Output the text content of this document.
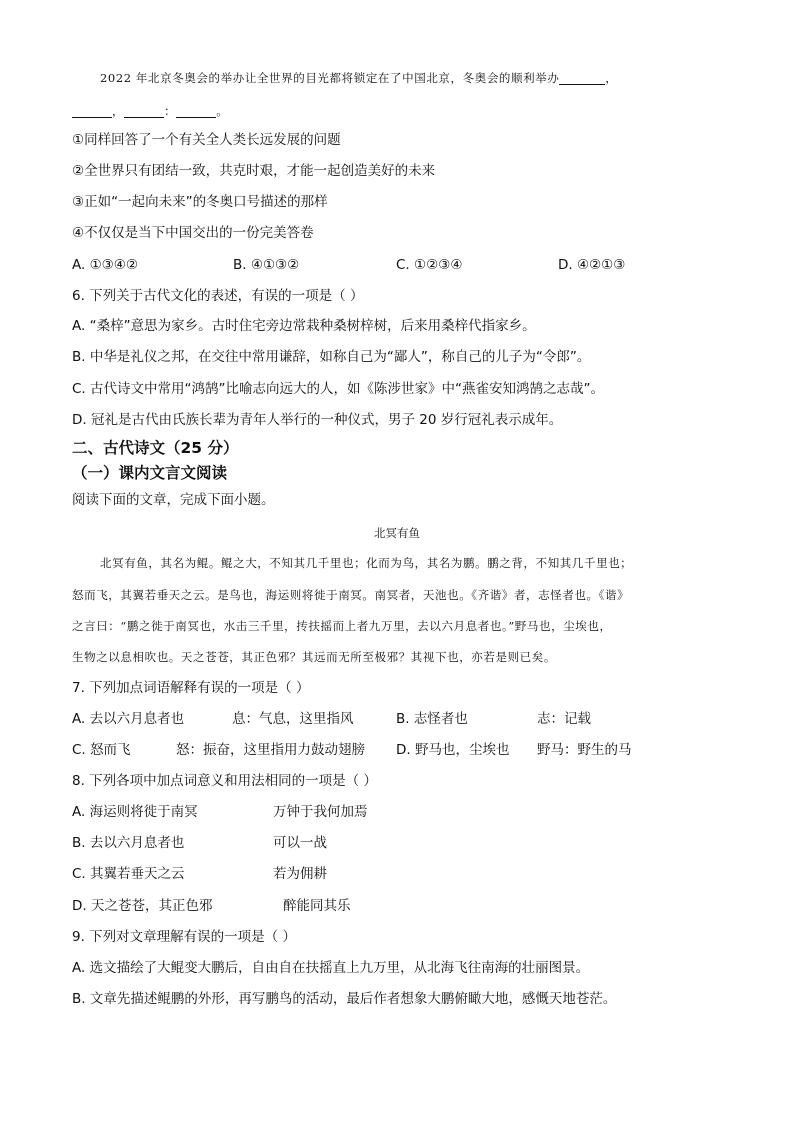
2022 年北京冬奥会的举办让全世界的目光都将锁定在了中国北京，冬奥会的顺利举办	，
，	：	。
①同样回答了一个有关全人类长远发展的问题
②全世界只有团结一致，共克时艰，才能一起创造美好的未来
③正如“一起向未来”的冬奥口号描述的那样
④不仅仅是当下中国交出的一份完美答卷
A. ①③④②	B. ④①③②	C. ①②③④	D. ④②①③
6. 下列关于古代文化的表述，有误的一项是（ ）
A. “桑梓”意思为家乡。古时住宅旁边常栽种桑树梓树，后来用桑梓代指家乡。
B. 中华是礼仪之邦，在交往中常用谦辞，如称自己为“鄙人”，称自己的儿子为“令郎”。
C. 古代诗文中常用“鸿鹄”比喻志向远大的人，如《陈涉世家》中“燕雀安知鸿鹄之志哉”。
D. 冠礼是古代由氏族长辈为青年人举行的一种仪式，男子 20 岁行冠礼表示成年。
二、古代诗文（25 分）
（一）课内文言文阅读
阅读下面的文章，完成下面小题。
北冥有鱼
北冥有鱼，其名为鲲。鲲之大，不知其几千里也；化而为鸟，其名为鹏。鹏之背，不知其几千里也；
怒而飞，其翼若垂天之云。是鸟也，海运则将徙于南冥。南冥者，天池也。《齐谐》者，志怪者也。《谐》
之言曰：“鹏之徙于南冥也，水击三千里，抟扶摇而上者九万里，去以六月息者也。”野马也，尘埃也，
生物之以息相吹也。天之苍苍，其正色邪？其远而无所至极邪？其视下也，亦若是则已矣。
7. 下列加点词语解释有误的一项是（ ）
A. 去以六月息者也	息：气息，这里指风	B. 志怪者也	志：记载
C. 怒而飞	怒：振奋，这里指用力鼓动翅膀 D. 野马也，尘埃也 野马：野生的马
8. 下列各项中加点词意义和用法相同的一项是（ ）
A. 海运则将徙于南冥	万钟于我何加焉
B. 去以六月息者也	可以一战
C. 其翼若垂天之云	若为佣耕
D. 天之苍苍，其正色邪	醉能同其乐
9. 下列对文章理解有误的一项是（ ）
A. 选文描绘了大鲲变大鹏后，自由自在扶摇直上九万里，从北海飞往南海的壮丽图景。
B. 文章先描述鲲鹏的外形，再写鹏鸟的活动，最后作者想象大鹏俯瞰大地，感慨天地苍茫。
